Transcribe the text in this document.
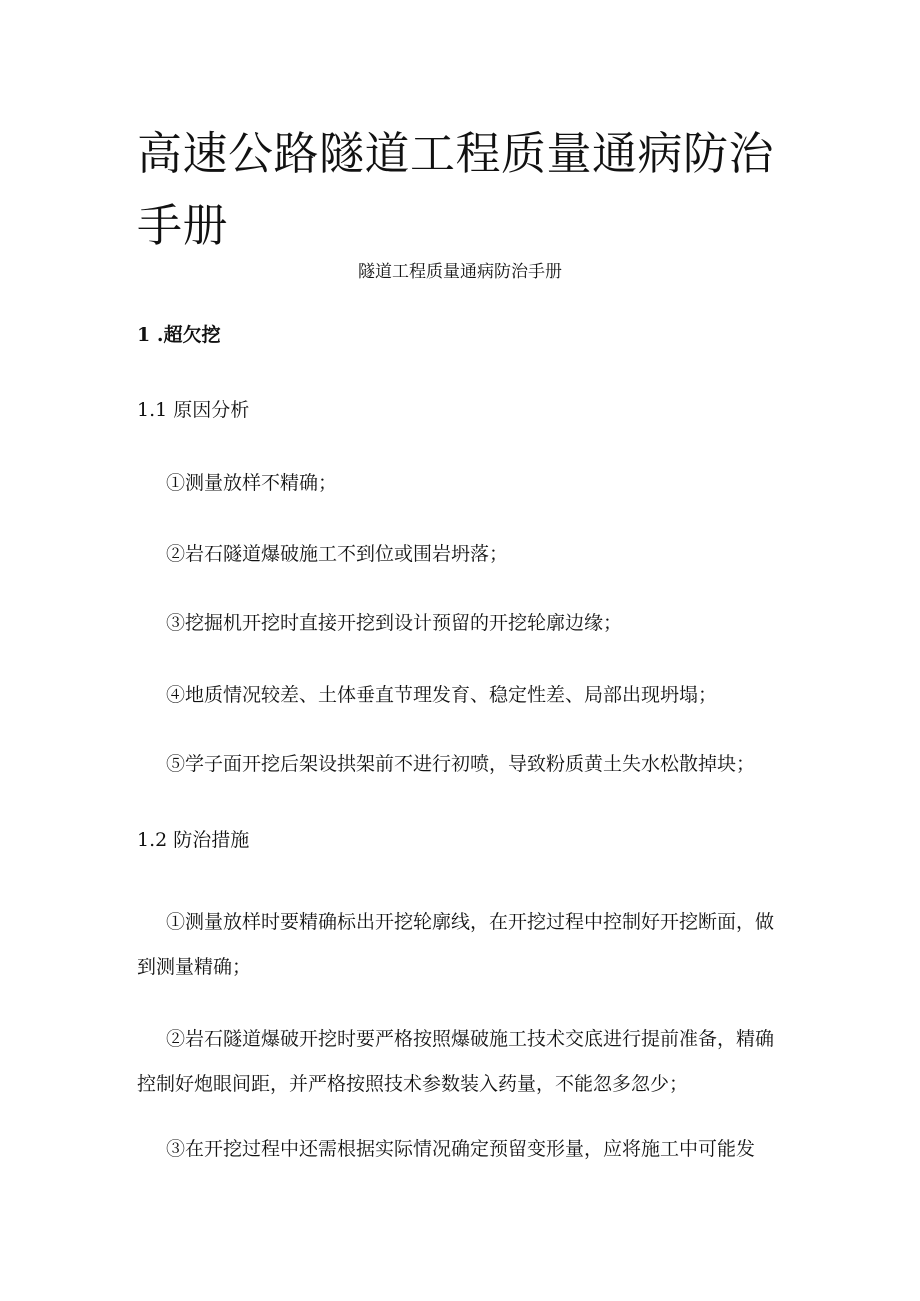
高速公路隧道工程质量通病防治手册
隧道工程质量通病防治手册
1 .超欠挖
1.1 原因分析
①测量放样不精确；
②岩石隧道爆破施工不到位或围岩坍落；
③挖掘机开挖时直接开挖到设计预留的开挖轮廓边缘；
④地质情况较差、土体垂直节理发育、稳定性差、局部出现坍塌；
⑤学子面开挖后架设拱架前不进行初喷，导致粉质黄土失水松散掉块；
1.2 防治措施
①测量放样时要精确标出开挖轮廓线，在开挖过程中控制好开挖断面，做到测量精确；
②岩石隧道爆破开挖时要严格按照爆破施工技术交底进行提前准备，精确控制好炮眼间距，并严格按照技术参数装入药量，不能忽多忽少；
③在开挖过程中还需根据实际情况确定预留变形量，应将施工中可能发
